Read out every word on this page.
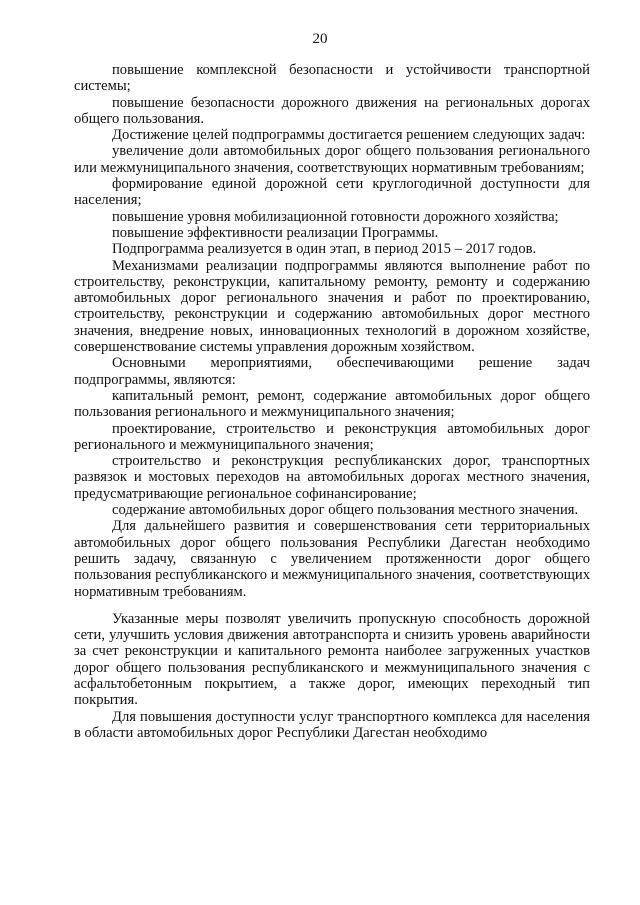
20

повышение комплексной безопасности и устойчивости транспортной системы;

повышение безопасности дорожного движения на региональных дорогах общего пользования.

Достижение целей подпрограммы достигается решением следующих задач:

увеличение доли автомобильных дорог общего пользования регионального или межмуниципального значения, соответствующих нормативным требованиям;

формирование единой дорожной сети круглогодичной доступности для населения;

повышение уровня мобилизационной готовности дорожного хозяйства;

повышение эффективности реализации Программы.

Подпрограмма реализуется в один этап, в период 2015 – 2017 годов.

Механизмами реализации подпрограммы являются выполнение работ по строительству, реконструкции, капитальному ремонту, ремонту и содержанию автомобильных дорог регионального значения и работ по проектированию, строительству, реконструкции и содержанию автомобильных дорог местного значения, внедрение новых, инновационных технологий в дорожном хозяйстве, совершенствование системы управления дорожным хозяйством.

Основными мероприятиями, обеспечивающими решение задач подпрограммы, являются:

капитальный ремонт, ремонт, содержание автомобильных дорог общего пользования регионального и межмуниципального значения;

проектирование, строительство и реконструкция автомобильных дорог регионального и межмуниципального значения;

строительство и реконструкция республиканских дорог, транспортных развязок и мостовых переходов на автомобильных дорогах местного значения, предусматривающие региональное софинансирование;

содержание автомобильных дорог общего пользования местного значения.

Для дальнейшего развития и совершенствования сети территориальных автомобильных дорог общего пользования Республики Дагестан необходимо решить задачу, связанную с увеличением протяженности дорог общего пользования республиканского и межмуниципального значения, соответствующих нормативным требованиям.

Указанные меры позволят увеличить пропускную способность дорожной сети, улучшить условия движения автотранспорта и снизить уровень аварийности за счет реконструкции и капитального ремонта наиболее загруженных участков дорог общего пользования республиканского и межмуниципального значения с асфальтобетонным покрытием, а также дорог, имеющих переходный тип покрытия.

Для повышения доступности услуг транспортного комплекса для населения в области автомобильных дорог Республики Дагестан необходимо
